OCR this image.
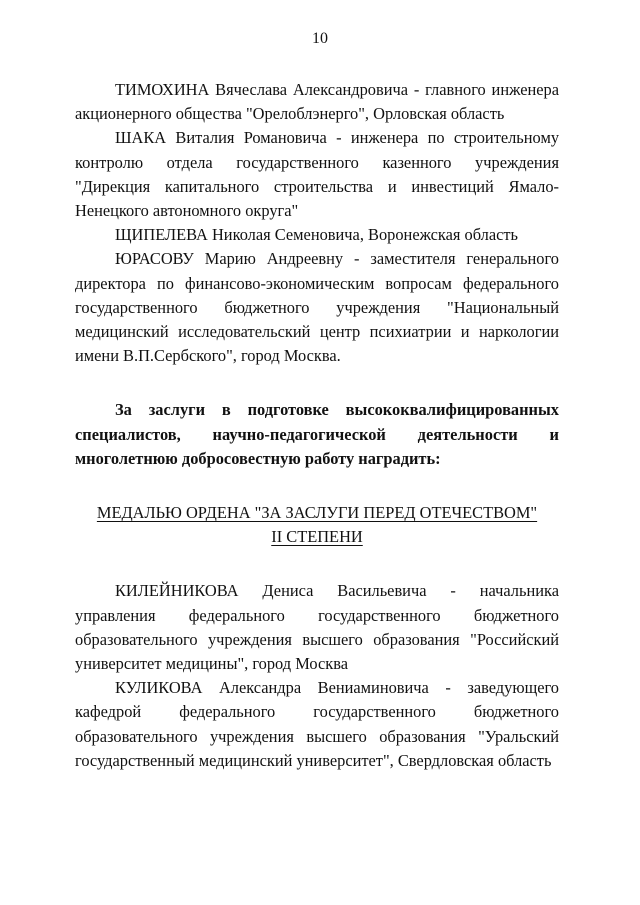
10

ТИМОХИНА Вячеслава Александровича - главного инженера акционерного общества "Орелоблэнерго", Орловская область

ШАКА Виталия Романовича - инженера по строительному контролю отдела государственного казенного учреждения "Дирекция капитального строительства и инвестиций Ямало-Ненецкого автономного округа"

ЩИПЕЛЕВА Николая Семеновича, Воронежская область

ЮРАСОВУ Марию Андреевну - заместителя генерального директора по финансово-экономическим вопросам федерального государственного бюджетного учреждения "Национальный медицинский исследовательский центр психиатрии и наркологии имени В.П.Сербского", город Москва.

За заслуги в подготовке высококвалифицированных специалистов, научно-педагогической деятельности и многолетнюю добросовестную работу наградить:

МЕДАЛЬЮ ОРДЕНА "ЗА ЗАСЛУГИ ПЕРЕД ОТЕЧЕСТВОМ"

II СТЕПЕНИ

КИЛЕЙНИКОВА Дениса Васильевича - начальника управления федерального государственного бюджетного образовательного учреждения высшего образования "Российский университет медицины", город Москва

КУЛИКОВА Александра Вениаминовича - заведующего кафедрой федерального государственного бюджетного образовательного учреждения высшего образования "Уральский государственный медицинский университет", Свердловская область
